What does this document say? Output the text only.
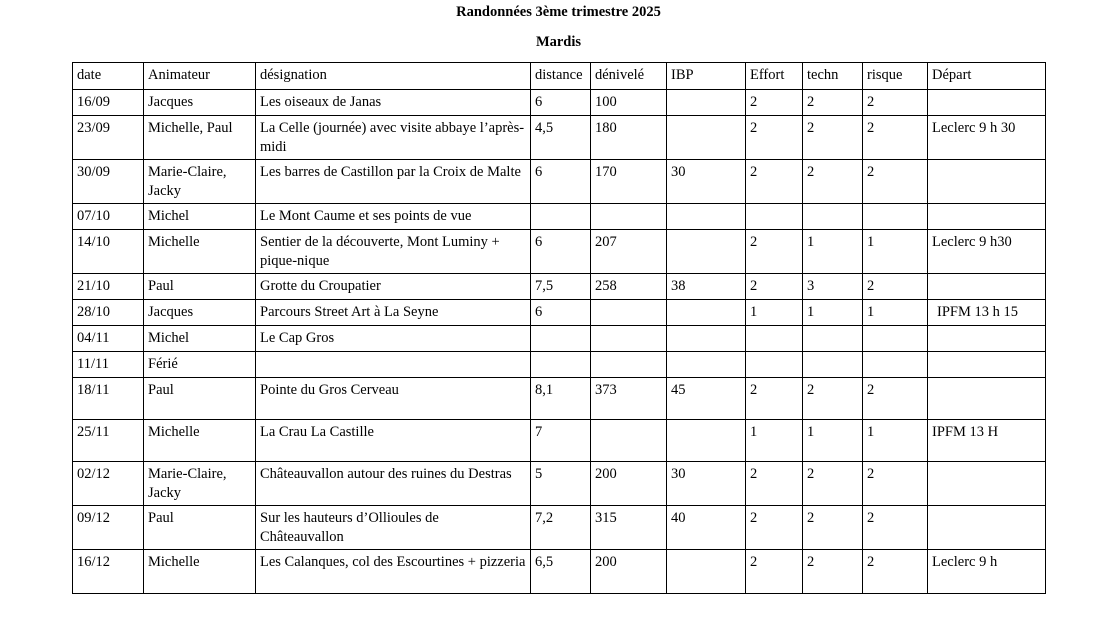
Randonnées 3ème trimestre 2025
Mardis
date	Animateur	désignation	distance	dénivelé	IBP	Effort	techn	risque	Départ
16/09	Jacques	Les oiseaux de Janas	6	100		2	2	2	
23/09	Michelle, Paul	La Celle (journée) avec visite abbaye l’après-midi	4,5	180		2	2	2	Leclerc 9 h 30
30/09	Marie-Claire, Jacky	Les barres de Castillon par la Croix de Malte	6	170	30	2	2	2	
07/10	Michel	Le Mont Caume et ses points de vue							
14/10	Michelle	Sentier de la découverte, Mont Luminy + pique-nique	6	207		2	1	1	Leclerc 9 h30
21/10	Paul	Grotte du Croupatier	7,5	258	38	2	3	2	
28/10	Jacques	Parcours Street Art à La Seyne	6			1	1	1	IPFM 13 h 15
04/11	Michel	Le Cap Gros							
11/11	Férié								
18/11	Paul	Pointe du Gros Cerveau	8,1	373	45	2	2	2	
25/11	Michelle	La Crau La Castille	7			1	1	1	IPFM 13 H
02/12	Marie-Claire, Jacky	Châteauvallon autour des ruines du Destras	5	200	30	2	2	2	
09/12	Paul	Sur les hauteurs d’Ollioules de Châteauvallon	7,2	315	40	2	2	2	
16/12	Michelle	Les Calanques, col des Escourtines + pizzeria	6,5	200		2	2	2	Leclerc 9 h
